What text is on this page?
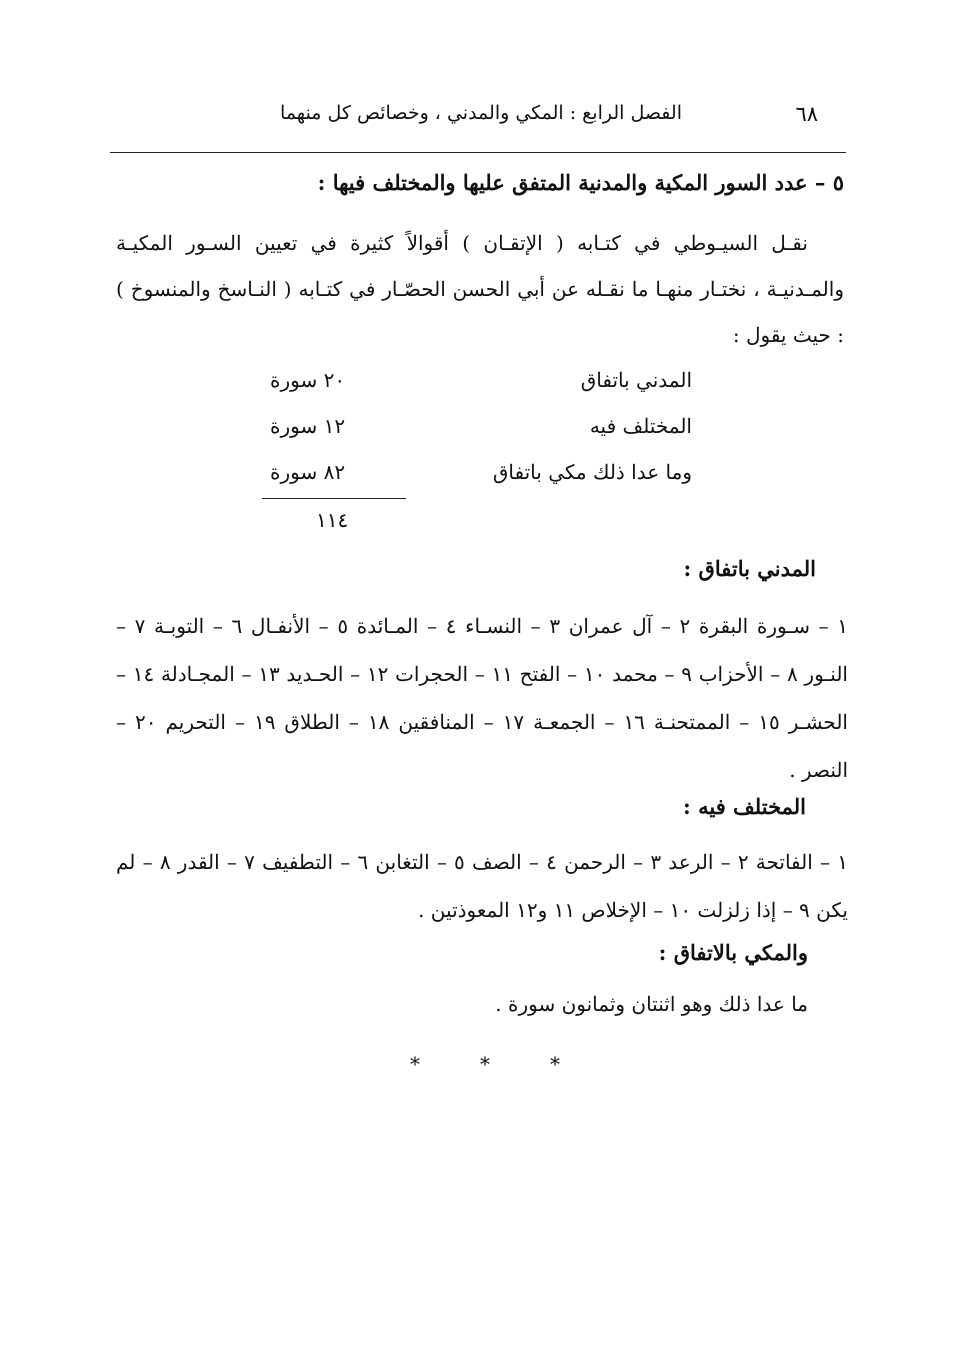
٦٨
الفصل الرابع : المكي والمدني ، وخصائص كل منهما
٥ – عدد السور المكية والمدنية المتفق عليها والمختلف فيها :
نقـل السيـوطي في كتـابه ( الإتقـان ) أقوالاً كثيرة في تعيين السـور المكيـة والمـدنيـة ، نختـار منهـا ما نقـله عن أبي الحسن الحصّـار في كتـابه ( النـاسخ والمنسوخ ) : حيث يقول :
المدني باتفاق
٢٠ سورة
المختلف فيه
١٢ سورة
وما عدا ذلك مكي باتفاق
٨٢ سورة
١١٤
المدني باتفاق :
١ – سـورة البقرة ٢ – آل عمران ٣ – النسـاء ٤ – المـائدة ٥ – الأنفـال ٦ – التوبـة ٧ – النـور ٨ – الأحزاب ٩ – محمد ١٠ – الفتح ١١ – الحجرات ١٢ – الحـديد ١٣ – المجـادلة ١٤ – الحشـر ١٥ – الممتحنـة ١٦ – الجمعـة ١٧ – المنافقين ١٨ – الطلاق ١٩ – التحريم ٢٠ – النصر .
المختلف فيه :
١ – الفاتحة ٢ – الرعد ٣ – الرحمن ٤ – الصف ٥ – التغابن ٦ – التطفيف ٧ – القدر ٨ – لم يكن ٩ – إذا زلزلت ١٠ – الإخلاص ١١ و١٢ المعوذتين .
والمكي بالاتفاق :
ما عدا ذلك وهو اثنتان وثمانون سورة .
*	*	*
